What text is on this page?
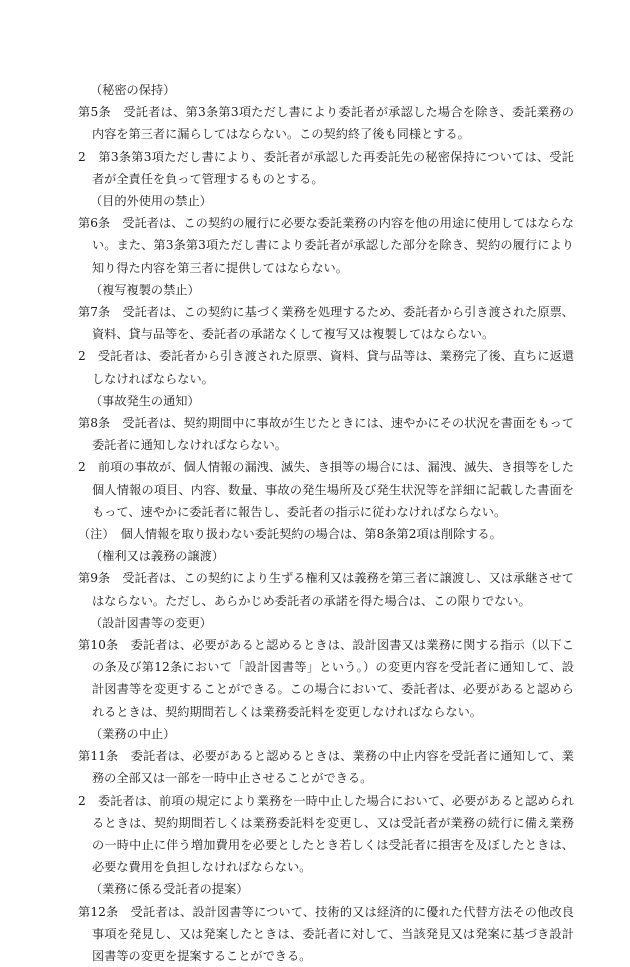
（秘密の保持）
第5条　受託者は、第3条第3項ただし書により委託者が承認した場合を除き、委託業務の内容を第三者に漏らしてはならない。この契約終了後も同様とする。
2　第3条第3項ただし書により、委託者が承認した再委託先の秘密保持については、受託者が全責任を負って管理するものとする。
（目的外使用の禁止）
第6条　受託者は、この契約の履行に必要な委託業務の内容を他の用途に使用してはならない。また、第3条第3項ただし書により委託者が承認した部分を除き、契約の履行により知り得た内容を第三者に提供してはならない。
（複写複製の禁止）
第7条　受託者は、この契約に基づく業務を処理するため、委託者から引き渡された原票、資料、貸与品等を、委託者の承諾なくして複写又は複製してはならない。
2　受託者は、委託者から引き渡された原票、資料、貸与品等は、業務完了後、直ちに返還しなければならない。
（事故発生の通知）
第8条　受託者は、契約期間中に事故が生じたときには、速やかにその状況を書面をもって委託者に通知しなければならない。
2　前項の事故が、個人情報の漏洩、滅失、き損等の場合には、漏洩、滅失、き損等をした個人情報の項目、内容、数量、事故の発生場所及び発生状況等を詳細に記載した書面をもって、速やかに委託者に報告し、委託者の指示に従わなければならない。
（注）　個人情報を取り扱わない委託契約の場合は、第8条第2項は削除する。
（権利又は義務の譲渡）
第9条　受託者は、この契約により生ずる権利又は義務を第三者に譲渡し、又は承継させてはならない。ただし、あらかじめ委託者の承諾を得た場合は、この限りでない。
（設計図書等の変更）
第10条　委託者は、必要があると認めるときは、設計図書又は業務に関する指示（以下この条及び第12条において「設計図書等」という。）の変更内容を受託者に通知して、設計図書等を変更することができる。この場合において、委託者は、必要があると認められるときは、契約期間若しくは業務委託料を変更しなければならない。
（業務の中止）
第11条　委託者は、必要があると認めるときは、業務の中止内容を受託者に通知して、業務の全部又は一部を一時中止させることができる。
2　委託者は、前項の規定により業務を一時中止した場合において、必要があると認められるときは、契約期間若しくは業務委託料を変更し、又は受託者が業務の続行に備え業務の一時中止に伴う増加費用を必要としたとき若しくは受託者に損害を及ぼしたときは、必要な費用を負担しなければならない。
（業務に係る受託者の提案）
第12条　受託者は、設計図書等について、技術的又は経済的に優れた代替方法その他改良事項を発見し、又は発案したときは、委託者に対して、当該発見又は発案に基づき設計図書等の変更を提案することができる。
